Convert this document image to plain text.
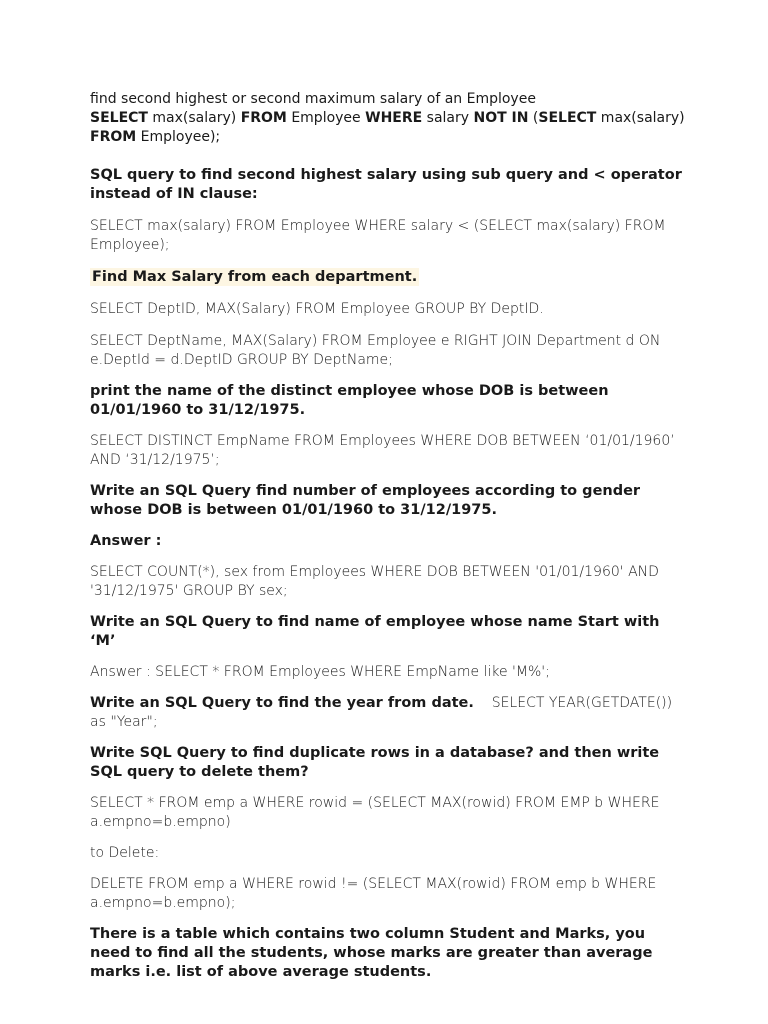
find second highest or second maximum salary of an Employee

SELECT max(salary) FROM Employee WHERE salary NOT IN (SELECT max(salary)
FROM Employee);

SQL query to find second highest salary using sub query and < operator instead of IN clause:

SELECT max(salary) FROM Employee WHERE salary < (SELECT max(salary) FROM Employee);

Find Max Salary from each department.

SELECT DeptID, MAX(Salary) FROM Employee GROUP BY DeptID.

SELECT DeptName, MAX(Salary) FROM Employee e RIGHT JOIN Department d ON e.DeptId = d.DeptID GROUP BY DeptName;

print the name of the distinct employee whose DOB is between 01/01/1960 to 31/12/1975.

SELECT DISTINCT EmpName FROM Employees WHERE DOB BETWEEN ‘01/01/1960’ AND ‘31/12/1975’;

Write an SQL Query find number of employees according to gender whose DOB is between 01/01/1960 to 31/12/1975.

Answer :

SELECT COUNT(*), sex from Employees WHERE DOB BETWEEN '01/01/1960' AND '31/12/1975' GROUP BY sex;

Write an SQL Query to find name of employee whose name Start with ‘M’

Answer : SELECT * FROM Employees WHERE EmpName like 'M%';

Write an SQL Query to find the year from date. SELECT YEAR(GETDATE()) as "Year";

Write SQL Query to find duplicate rows in a database? and then write SQL query to delete them?

SELECT * FROM emp a WHERE rowid = (SELECT MAX(rowid) FROM EMP b WHERE a.empno=b.empno)

to Delete:

DELETE FROM emp a WHERE rowid != (SELECT MAX(rowid) FROM emp b WHERE a.empno=b.empno);

There is a table which contains two column Student and Marks, you need to find all the students, whose marks are greater than average marks i.e. list of above average students.
